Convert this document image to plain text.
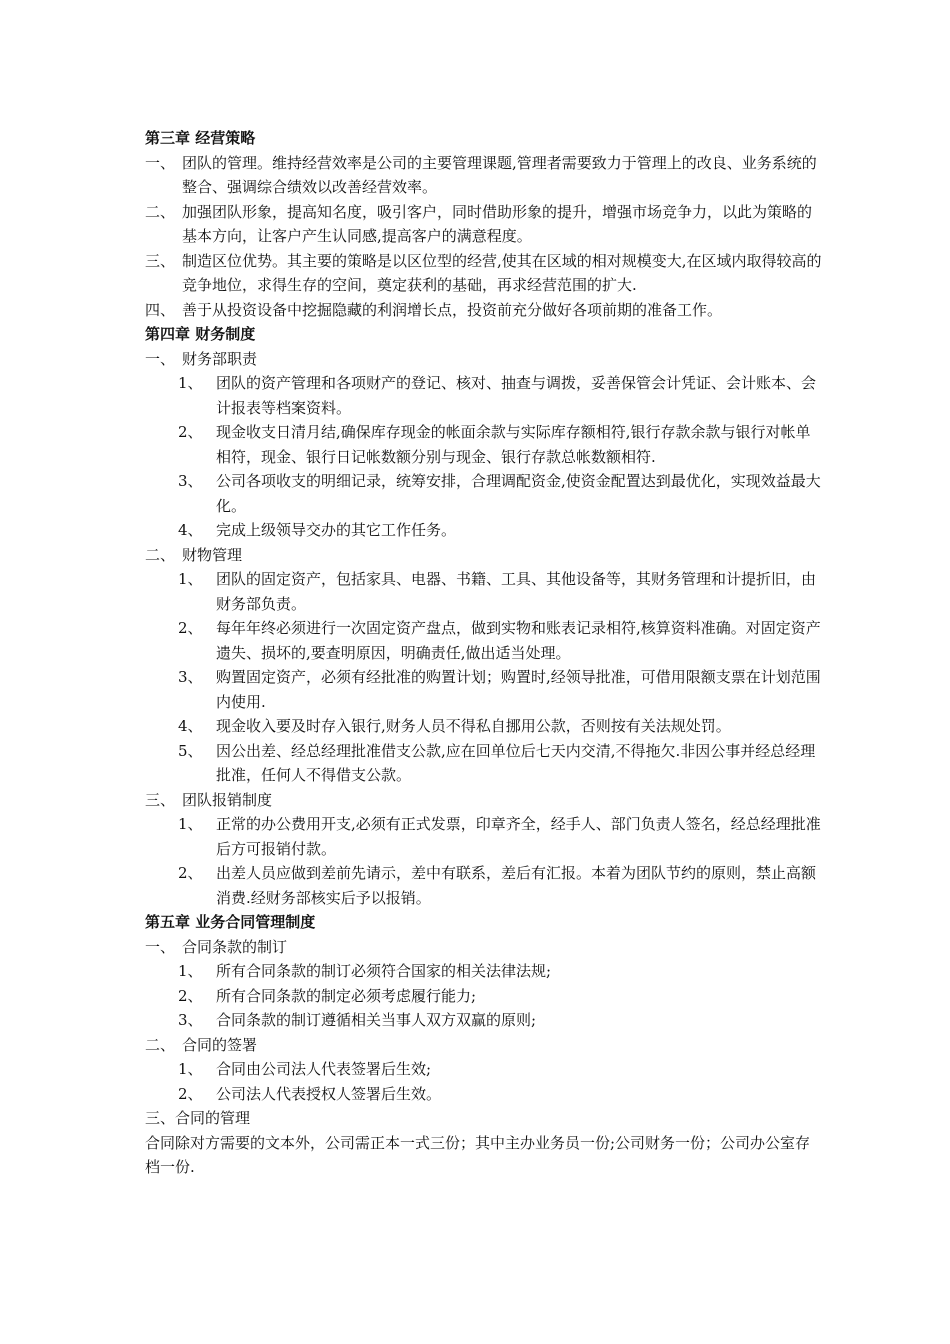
第三章 经营策略

一、 团队的管理。维持经营效率是公司的主要管理课题,管理者需要致力于管理上的改良、业务系统的整合、强调综合绩效以改善经营效率。
二、 加强团队形象，提高知名度，吸引客户，同时借助形象的提升，增强市场竞争力，以此为策略的基本方向，让客户产生认同感,提高客户的满意程度。
三、 制造区位优势。其主要的策略是以区位型的经营,使其在区域的相对规模变大,在区域内取得较高的竞争地位，求得生存的空间，奠定获利的基础，再求经营范围的扩大.
四、 善于从投资设备中挖掘隐藏的利润增长点，投资前充分做好各项前期的准备工作。

第四章 财务制度

一、 财务部职责
1、 团队的资产管理和各项财产的登记、核对、抽查与调拨，妥善保管会计凭证、会计账本、会计报表等档案资料。
2、 现金收支日清月结,确保库存现金的帐面余款与实际库存额相符,银行存款余款与银行对帐单相符，现金、银行日记帐数额分别与现金、银行存款总帐数额相符.
3、 公司各项收支的明细记录，统筹安排，合理调配资金,使资金配置达到最优化，实现效益最大化。
4、 完成上级领导交办的其它工作任务。
二、 财物管理
1、 团队的固定资产，包括家具、电器、书籍、工具、其他设备等，其财务管理和计提折旧，由财务部负责。
2、 每年年终必须进行一次固定资产盘点，做到实物和账表记录相符,核算资料准确。对固定资产遗失、损坏的,要查明原因，明确责任,做出适当处理。
3、 购置固定资产，必须有经批准的购置计划；购置时,经领导批准，可借用限额支票在计划范围内使用.
4、 现金收入要及时存入银行,财务人员不得私自挪用公款，否则按有关法规处罚。
5、 因公出差、经总经理批准借支公款,应在回单位后七天内交清,不得拖欠.非因公事并经总经理批准，任何人不得借支公款。
三、 团队报销制度
1、 正常的办公费用开支,必须有正式发票，印章齐全，经手人、部门负责人签名，经总经理批准后方可报销付款。
2、 出差人员应做到差前先请示，差中有联系，差后有汇报。本着为团队节约的原则，禁止高额消费.经财务部核实后予以报销。

第五章 业务合同管理制度

一、 合同条款的制订
1、 所有合同条款的制订必须符合国家的相关法律法规;
2、 所有合同条款的制定必须考虑履行能力;
3、 合同条款的制订遵循相关当事人双方双赢的原则;
二、 合同的签署
1、 合同由公司法人代表签署后生效;
2、 公司法人代表授权人签署后生效。

三、合同的管理

合同除对方需要的文本外，公司需正本一式三份；其中主办业务员一份;公司财务一份；公司办公室存档一份.
